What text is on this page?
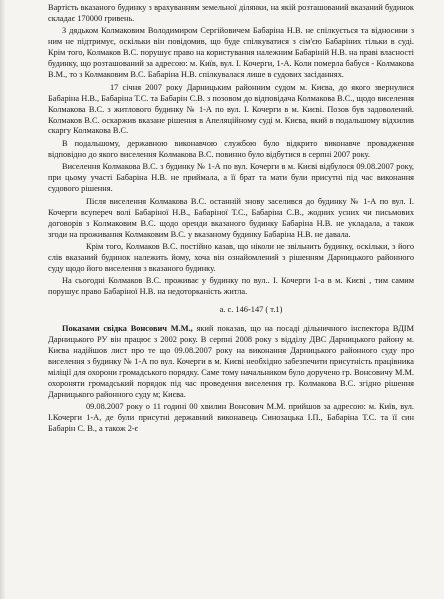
Вартість вказаного будинку з врахуванням земельної ділянки, на якій розташований вказаний будинок складає 170000 гривень.

З дядьком Колмаковим Володимиром Сергійовичем Бабаріна Н.В. не спілкується та відносини з ним не підтримує, оскільки він повідомив, що буде спілкуватися з сім'єю Бабаріних тільки в суді. Крім того, Колмаков В.С. порушує право на користування належним Бабаріній Н.В. на праві власності будинку, що розташований за адресою: м. Київ, вул. І. Кочерги, 1-А. Коли померла бабуся - Колмакова В.М., то з Колмаковим В.С. Бабаріна Н.В. спілкувалася лише в судових засіданнях.

17 січня 2007 року Дарницьким районним судом м. Києва, до якого звернулися Бабаріна Н.В., Бабаріна Т.С. та Бабарін С.В. з позовом до відповідача Колмакова В.С., щодо виселення Колмакова В.С. з житлового будинку № 1-А по вул. І. Кочерги в м. Києві. Позов був задоволений. Колмаков В.С. оскаржив вказане рішення в Апеляційному суді м. Києва, який в подальшому відхилив скаргу Колмакова В.С.

В подальшому, державною виконавчою службою було відкрито виконавче провадження відповідно до якого виселення Колмакова В.С. повинно було відбутися в серпні 2007 року.

Виселення Колмакова В.С. з будинку № 1-А по вул. Кочерги в м. Києві відбулося 09.08.2007 року, при цьому участі Бабаріна Н.В. не приймала, а її брат та мати були присутні під час виконання судового рішення.

Після виселення Колмакова В.С. останній знову заселився до будинку № 1-А по вул. І. Кочерги всупереч волі Бабаріної Н.В., Бабаріної Т.С., Бабаріна С.В., жодних усних чи письмових договорів з Колмаковим В.С. щодо оренди вказаного будинку Бабаріна Н.В. не укладала, а також згоди на проживання Колмаковим В.С. у вказаному будинку Бабаріна Н.В. не давала.

Крім того, Колмаков В.С. постійно казав, що ніколи не звільнить будинку, оскільки, з його слів вказаний будинок належить йому, хоча він ознайомлений з рішенням Дарницького районного суду щодо його виселення з вказаного будинку.

На сьогодні Колмаков В.С. проживає у будинку по вул.. І. Кочерги 1-а в м. Києві , тим самим порушує право Бабаріної Н.В. на недоторканість житла.

а. с. 146-147 ( т.1)

Показами свідка Вонсович М.М., який показав, що на посаді дільничного інспектора ВДІМ Дарницького РУ він працює з 2002 року. В серпні 2008 року з відділу ДВС Дарницького району м. Києва надійшов лист про те що 09.08.2007 року на виконання Дарницького районного суду про виселення з будинку № 1-А по вул. Кочерги в м. Києві необхідно забезпечити присутність працівника міліції для охорони громадського порядку. Саме тому начальником було доручено гр. Вонсовичу М.М. охороняти громадський порядок під час проведення виселення гр. Колмакова В.С. згідно рішення Дарницького районного суду м; Києва.

09.08.2007 року о 11 годині 00 хвилин Вонсович М.М. прийшов за адресою: м. Київ, вул. І.Кочерги 1-А, де були присутні державний виконавець Синозацька І.П., Бабаріна Т.С. та її син Бабарін С. В., а також 2-є
